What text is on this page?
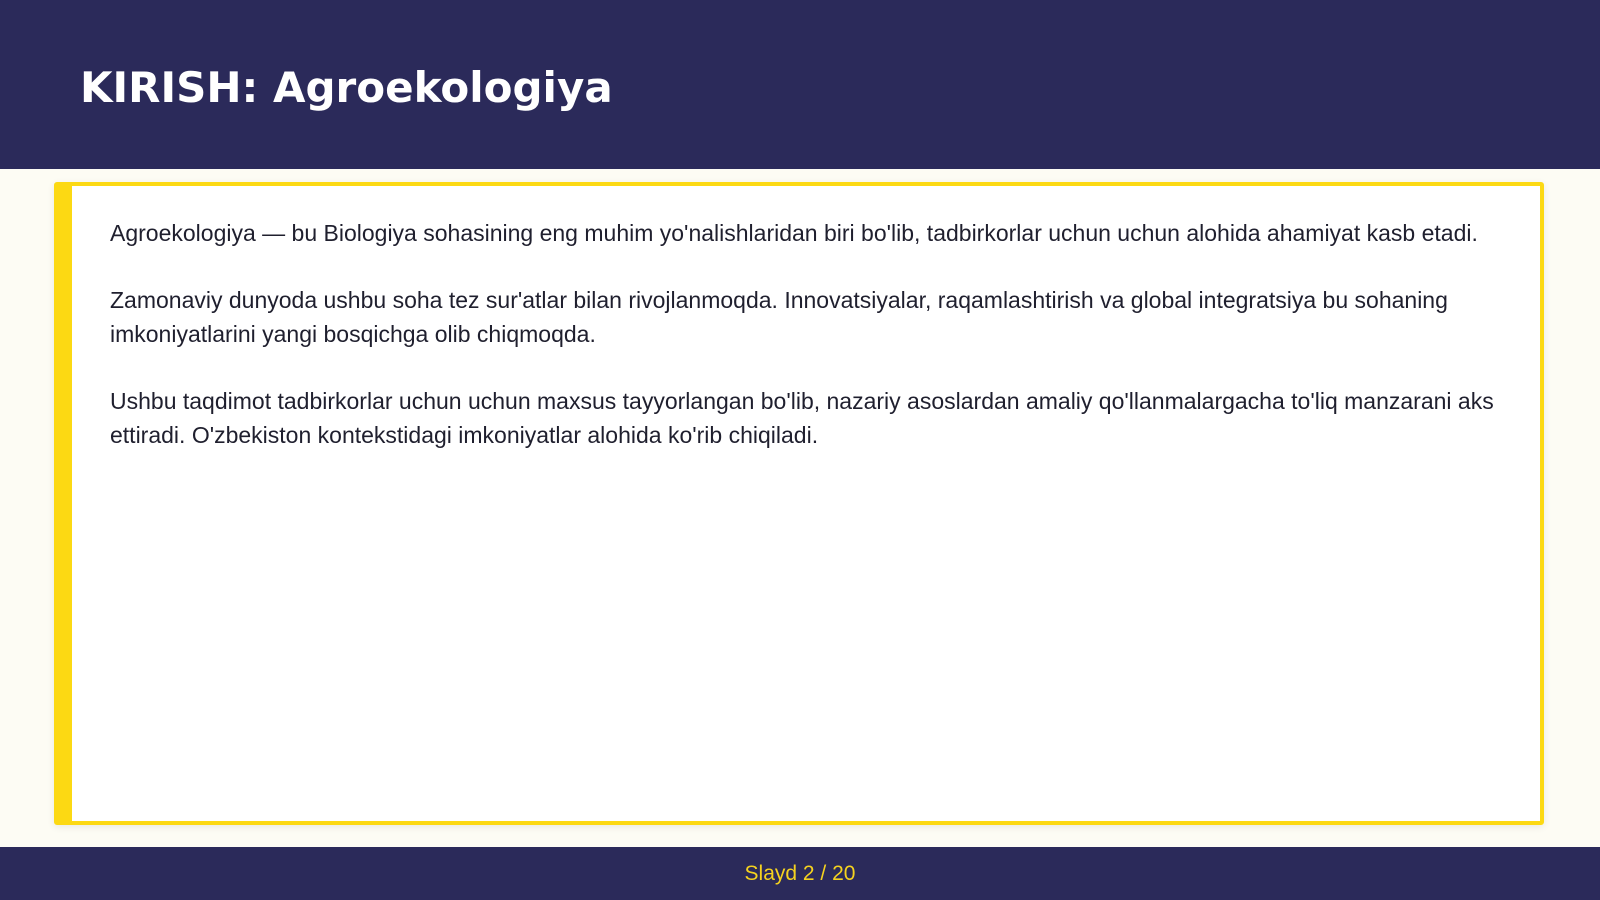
KIRISH: Agroekologiya

Agroekologiya — bu Biologiya sohasining eng muhim yo'nalishlaridan biri bo'lib, tadbirkorlar uchun uchun alohida ahamiyat kasb etadi.

Zamonaviy dunyoda ushbu soha tez sur'atlar bilan rivojlanmoqda. Innovatsiyalar, raqamlashtirish va global integratsiya bu sohaning imkoniyatlarini yangi bosqichga olib chiqmoqda.

Ushbu taqdimot tadbirkorlar uchun uchun maxsus tayyorlangan bo'lib, nazariy asoslardan amaliy qo'llanmalargacha to'liq manzarani aks ettiradi. O'zbekiston kontekstidagi imkoniyatlar alohida ko'rib chiqiladi.

Slayd 2 / 20
